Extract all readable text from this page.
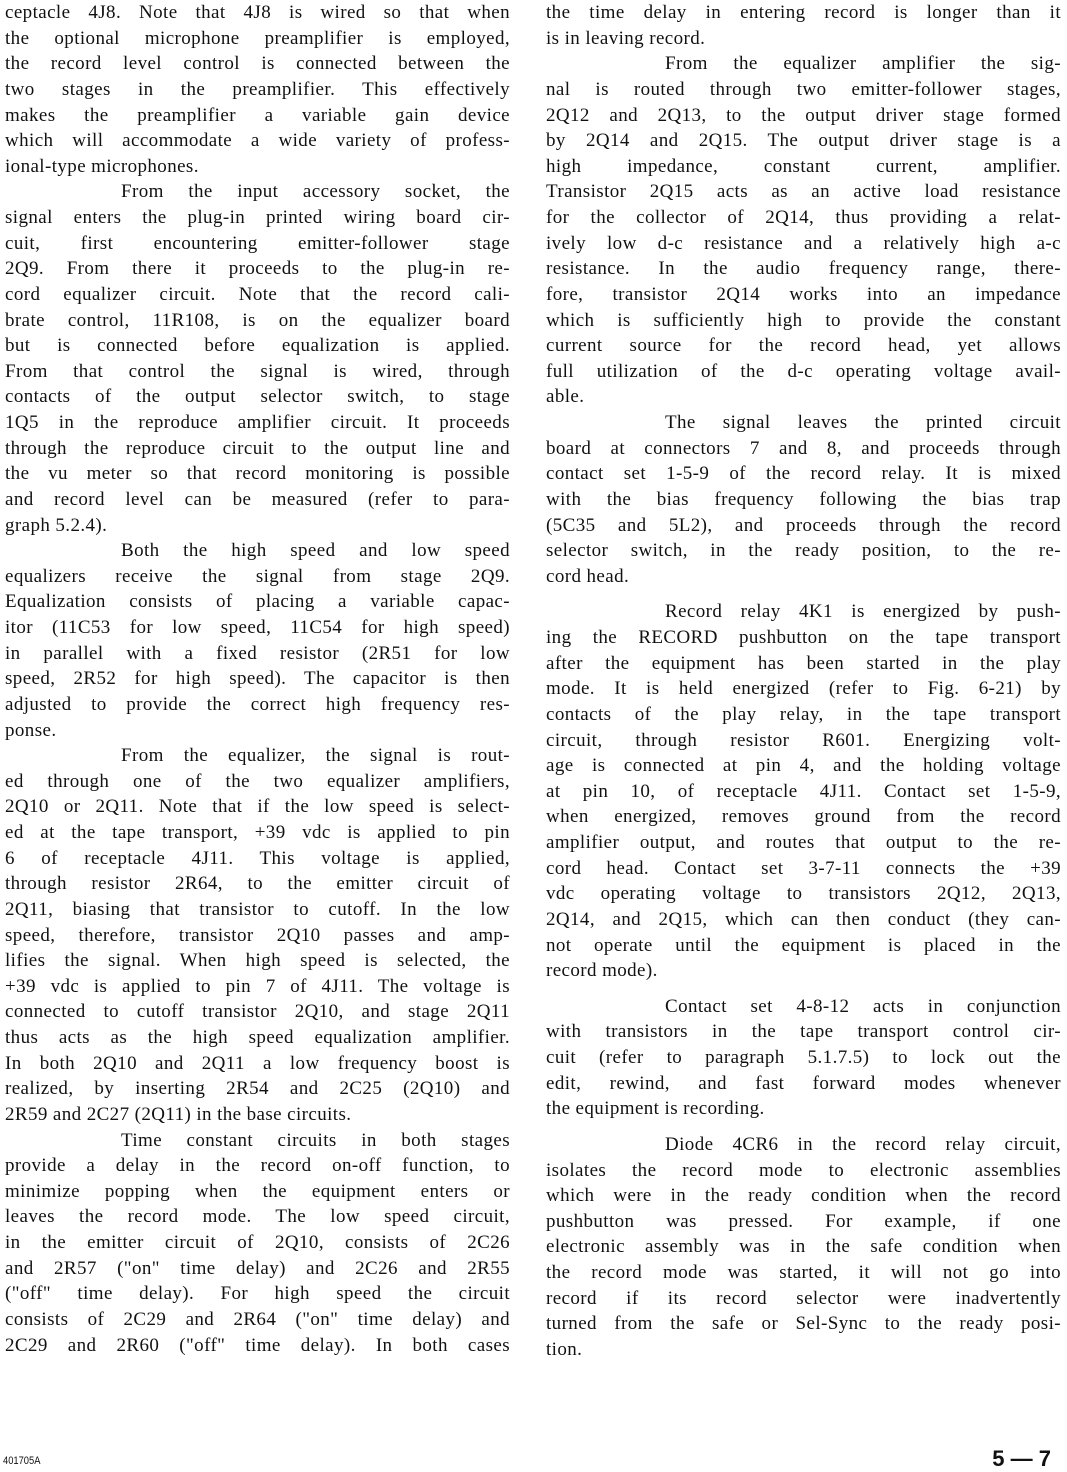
ceptacle 4J8. Note that 4J8 is wired so that when
the optional microphone preamplifier is employed,
the record level control is connected between the
two stages in the preamplifier. This effectively
makes the preamplifier a variable gain device
which will accommodate a wide variety of profess-
ional-type microphones.
From the input accessory socket, the
signal enters the plug-in printed wiring board cir-
cuit, first encountering emitter-follower stage
2Q9. From there it proceeds to the plug-in re-
cord equalizer circuit. Note that the record cali-
brate control, 11R108, is on the equalizer board
but is connected before equalization is applied.
From that control the signal is wired, through
contacts of the output selector switch, to stage
1Q5 in the reproduce amplifier circuit. It proceeds
through the reproduce circuit to the output line and
the vu meter so that record monitoring is possible
and record level can be measured (refer to para-
graph 5.2.4).
Both the high speed and low speed
equalizers receive the signal from stage 2Q9.
Equalization consists of placing a variable capac-
itor (11C53 for low speed, 11C54 for high speed)
in parallel with a fixed resistor (2R51 for low
speed, 2R52 for high speed). The capacitor is then
adjusted to provide the correct high frequency res-
ponse.
From the equalizer, the signal is rout-
ed through one of the two equalizer amplifiers,
2Q10 or 2Q11. Note that if the low speed is select-
ed at the tape transport, +39 vdc is applied to pin
6 of receptacle 4J11. This voltage is applied,
through resistor 2R64, to the emitter circuit of
2Q11, biasing that transistor to cutoff. In the low
speed, therefore, transistor 2Q10 passes and amp-
lifies the signal. When high speed is selected, the
+39 vdc is applied to pin 7 of 4J11. The voltage is
connected to cutoff transistor 2Q10, and stage 2Q11
thus acts as the high speed equalization amplifier.
In both 2Q10 and 2Q11 a low frequency boost is
realized, by inserting 2R54 and 2C25 (2Q10) and
2R59 and 2C27 (2Q11) in the base circuits.
Time constant circuits in both stages
provide a delay in the record on-off function, to
minimize popping when the equipment enters or
leaves the record mode. The low speed circuit,
in the emitter circuit of 2Q10, consists of 2C26
and 2R57 ("on" time delay) and 2C26 and 2R55
("off" time delay). For high speed the circuit
consists of 2C29 and 2R64 ("on" time delay) and
2C29 and 2R60 ("off" time delay). In both cases
the time delay in entering record is longer than it
is in leaving record.
From the equalizer amplifier the sig-
nal is routed through two emitter-follower stages,
2Q12 and 2Q13, to the output driver stage formed
by 2Q14 and 2Q15. The output driver stage is a
high impedance, constant current, amplifier.
Transistor 2Q15 acts as an active load resistance
for the collector of 2Q14, thus providing a relat-
ively low d-c resistance and a relatively high a-c
resistance. In the audio frequency range, there-
fore, transistor 2Q14 works into an impedance
which is sufficiently high to provide the constant
current source for the record head, yet allows
full utilization of the d-c operating voltage avail-
able.
The signal leaves the printed circuit
board at connectors 7 and 8, and proceeds through
contact set 1-5-9 of the record relay. It is mixed
with the bias frequency following the bias trap
(5C35 and 5L2), and proceeds through the record
selector switch, in the ready position, to the re-
cord head.
Record relay 4K1 is energized by push-
ing the RECORD pushbutton on the tape transport
after the equipment has been started in the play
mode. It is held energized (refer to Fig. 6-21) by
contacts of the play relay, in the tape transport
circuit, through resistor R601. Energizing volt-
age is connected at pin 4, and the holding voltage
at pin 10, of receptacle 4J11. Contact set 1-5-9,
when energized, removes ground from the record
amplifier output, and routes that output to the re-
cord head. Contact set 3-7-11 connects the +39
vdc operating voltage to transistors 2Q12, 2Q13,
2Q14, and 2Q15, which can then conduct (they can-
not operate until the equipment is placed in the
record mode).
Contact set 4-8-12 acts in conjunction
with transistors in the tape transport control cir-
cuit (refer to paragraph 5.1.7.5) to lock out the
edit, rewind, and fast forward modes whenever
the equipment is recording.
Diode 4CR6 in the record relay circuit,
isolates the record mode to electronic assemblies
which were in the ready condition when the record
pushbutton was pressed. For example, if one
electronic assembly was in the safe condition when
the record mode was started, it will not go into
record if its record selector were inadvertently
turned from the safe or Sel-Sync to the ready posi-
tion.
401705A	5 — 7
